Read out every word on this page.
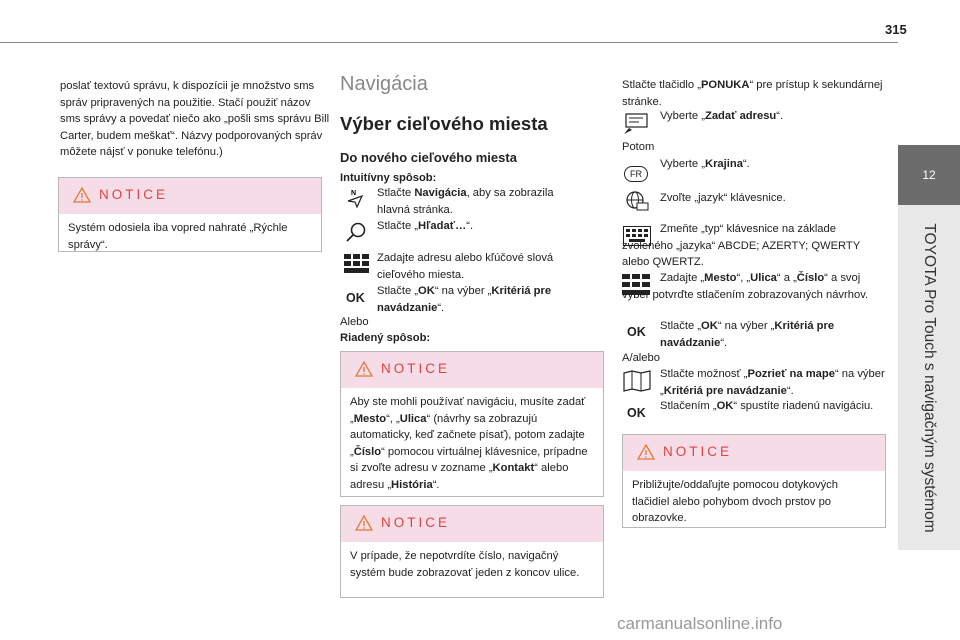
315
12
TOYOTA Pro Touch s navigačným systémom

poslať textovú správu, k dispozícii je množstvo sms správ pripravených na použitie. Stačí použiť názov sms správy a povedať niečo ako „pošli sms správu Bill Carter, budem meškať“. Názvy podporovaných správ môžete nájsť v ponuke telefónu.)

NOTICE
Systém odosiela iba vopred nahraté „Rýchle správy“.
Navigácia
Výber cieľového miesta
Do nového cieľového miesta
Intuitívny spôsob:
N Stlačte Navigácia, aby sa zobrazila hlavná stránka.

Stlačte „Hľadať…“.

Zadajte adresu alebo kľúčové slová cieľového miesta.

OK Stlačte „OK“ na výber „Kritériá pre navádzanie“.

Alebo
Riadený spôsob:
NOTICE
Aby ste mohli používať navigáciu, musíte zadať „Mesto“, „Ulica“ (návrhy sa zobrazujú automaticky, keď začnete písať), potom zadajte „Číslo“ pomocou virtuálnej klávesnice, prípadne si zvoľte adresu v zozname „Kontakt“ alebo adresu „História“.
NOTICE
V prípade, že nepotvrdíte číslo, navigačný systém bude zobrazovať jeden z koncov ulice.

Stlačte tlačidlo „PONUKA“ pre prístup k sekundárnej stránke.

Vyberte „Zadať adresu“.

Potom
FR

Vyberte „Krajina“.

Zvoľte „jazyk“ klávesnice.

Zmeňte „typ“ klávesnice na základe zvoleného „jazyka“ ABCDE; AZERTY; QWERTY alebo QWERTZ.

Zadajte „Mesto“, „Ulica“ a „Číslo“ a svoj výber potvrďte stlačením zobrazovaných návrhov.

OK Stlačte „OK“ na výber „Kritériá pre navádzanie“.

A/alebo

Stlačte možnosť „Pozrieť na mape“ na výber „Kritériá pre navádzanie“.

OK Stlačením „OK“ spustíte riadenú navigáciu.

NOTICE
Približujte/oddaľujte pomocou dotykových tlačidiel alebo pohybom dvoch prstov po obrazovke.
carmanualsonline.info
